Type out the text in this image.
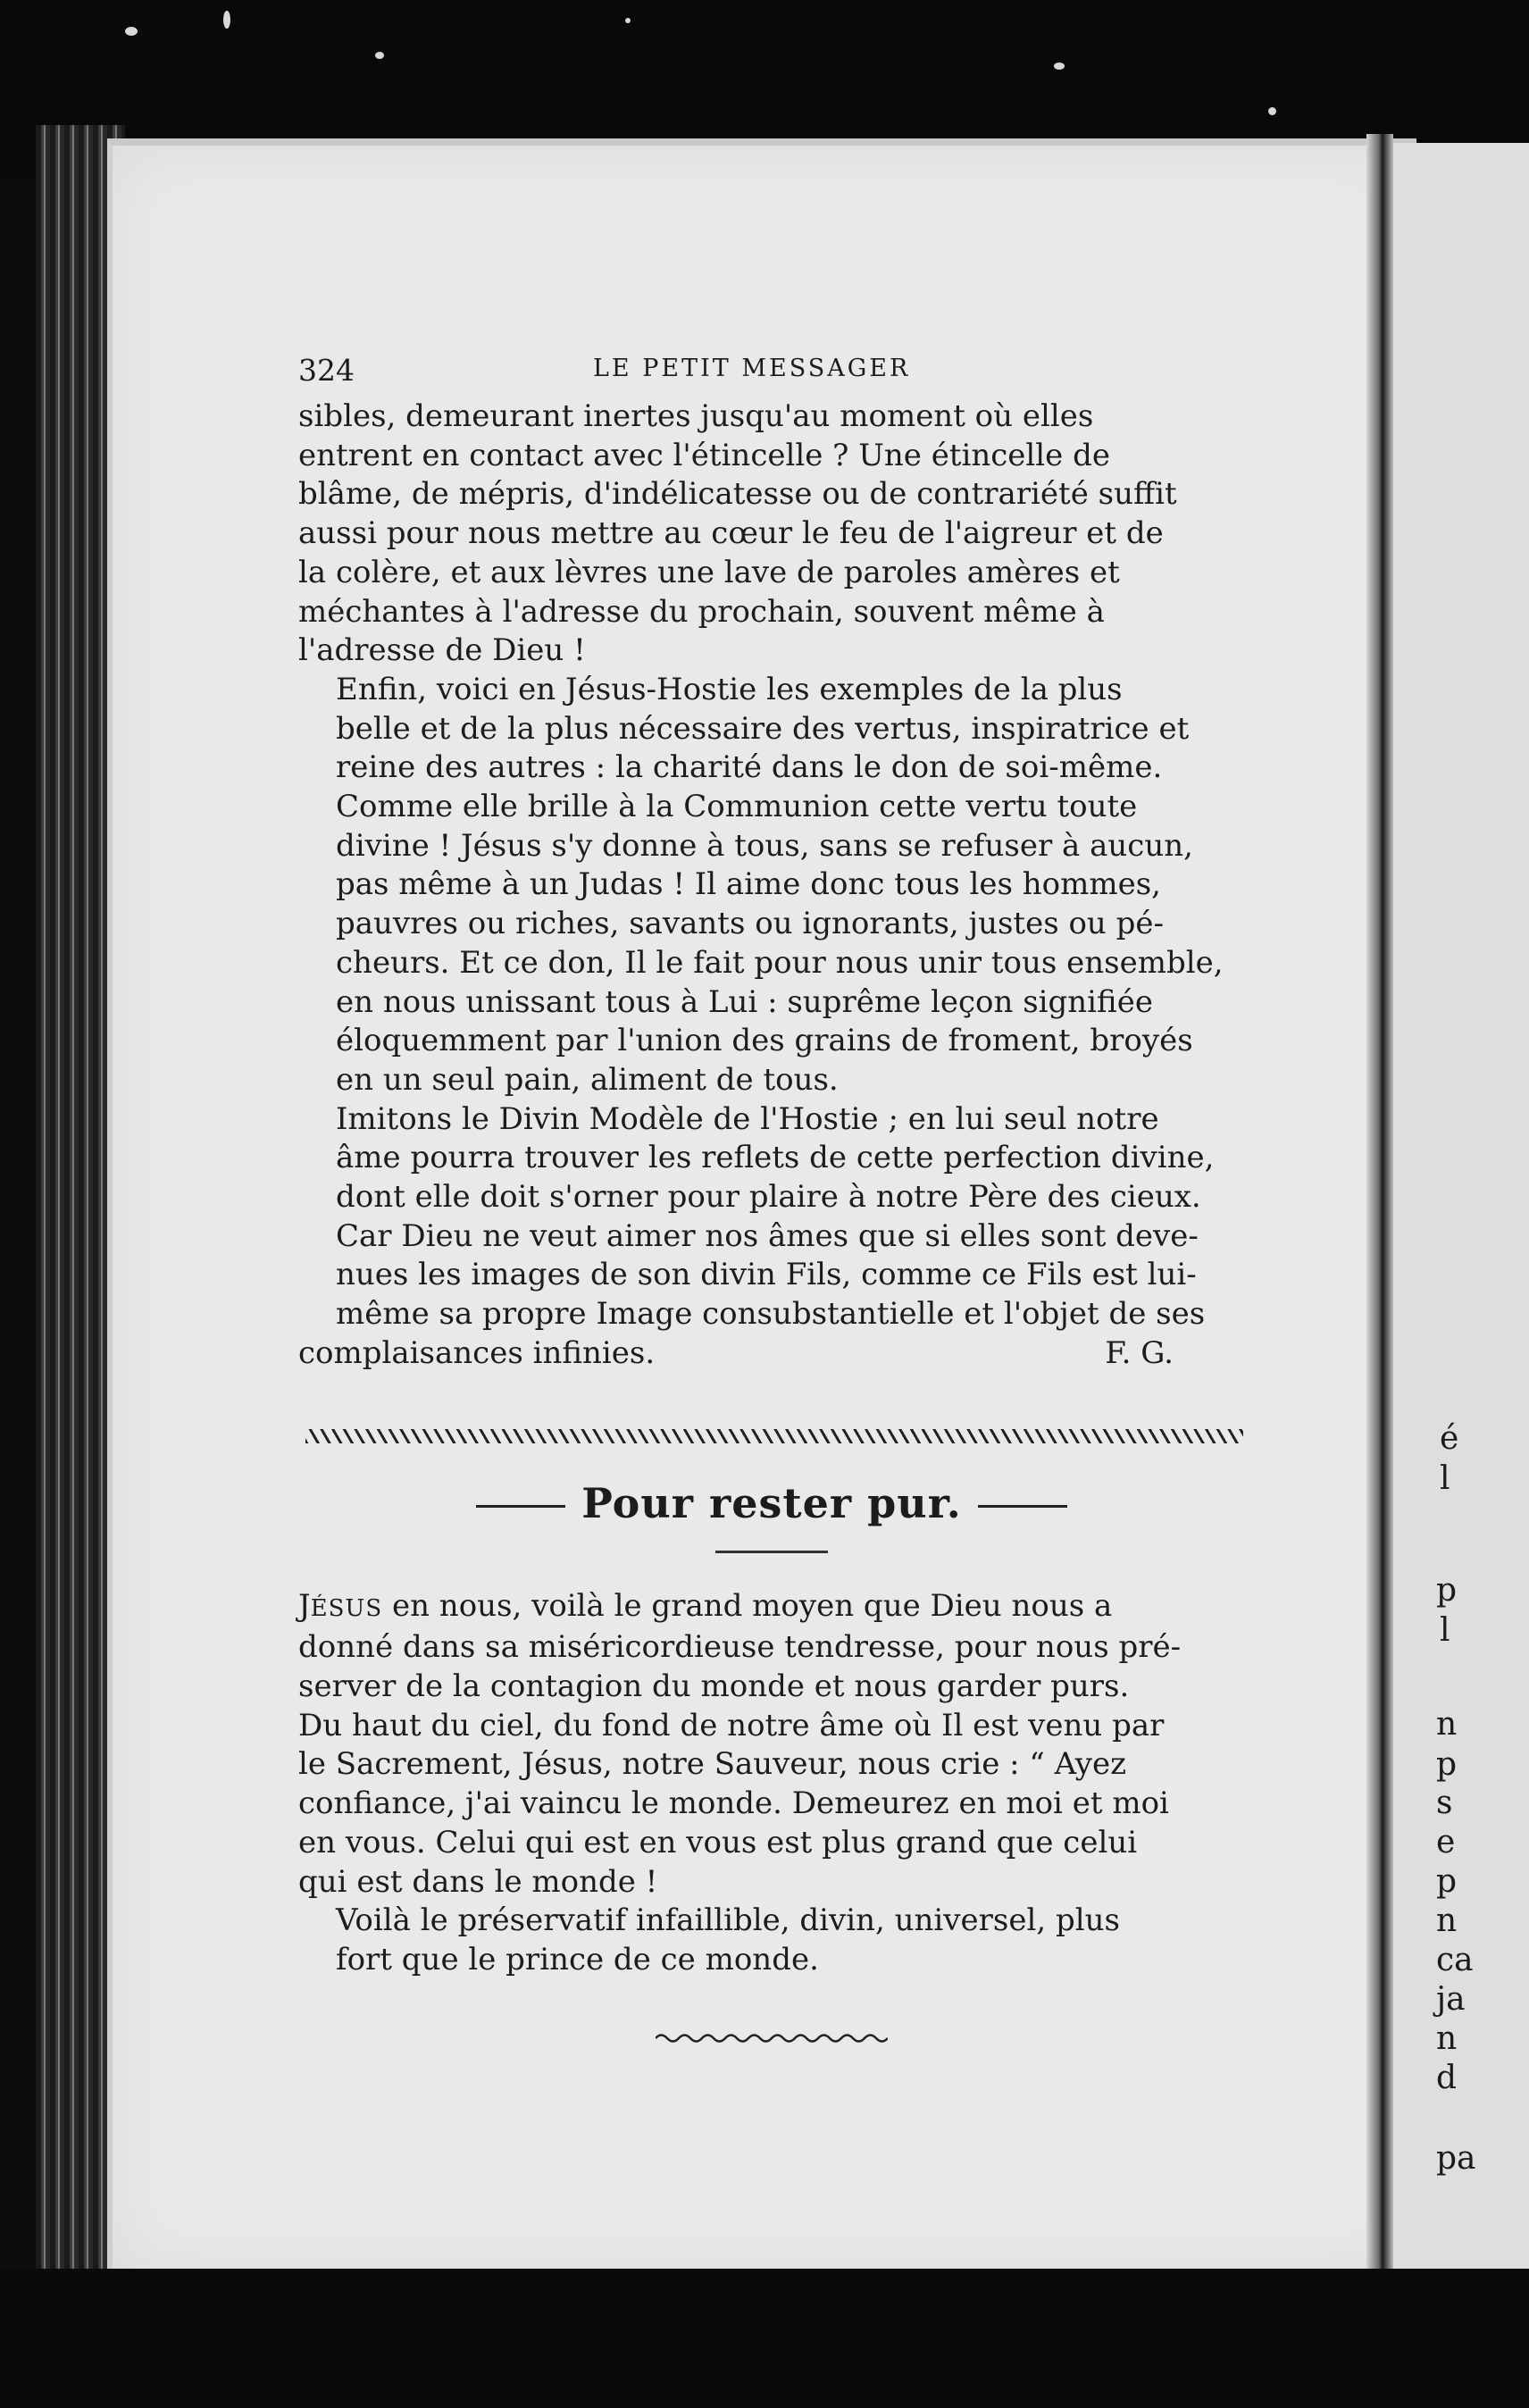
é
l
p
l
n
p
s
e
p
n
ca
ja
n
d
pa
324	LE PETIT MESSAGER
sibles, demeurant inertes jusqu'au moment où elles
entrent en contact avec l'étincelle ? Une étincelle de
blâme, de mépris, d'indélicatesse ou de contrariété suffit
aussi pour nous mettre au cœur le feu de l'aigreur et de
la colère, et aux lèvres une lave de paroles amères et
méchantes à l'adresse du prochain, souvent même à
l'adresse de Dieu !
Enfin, voici en Jésus-Hostie les exemples de la plus
belle et de la plus nécessaire des vertus, inspiratrice et
reine des autres : la charité dans le don de soi-même.
Comme elle brille à la Communion cette vertu toute
divine ! Jésus s'y donne à tous, sans se refuser à aucun,
pas même à un Judas ! Il aime donc tous les hommes,
pauvres ou riches, savants ou ignorants, justes ou pé-
cheurs. Et ce don, Il le fait pour nous unir tous ensemble,
en nous unissant tous à Lui : suprême leçon signifiée
éloquemment par l'union des grains de froment, broyés
en un seul pain, aliment de tous.
Imitons le Divin Modèle de l'Hostie ; en lui seul notre
âme pourra trouver les reflets de cette perfection divine,
dont elle doit s'orner pour plaire à notre Père des cieux.
Car Dieu ne veut aimer nos âmes que si elles sont deve-
nues les images de son divin Fils, comme ce Fils est lui-
même sa propre Image consubstantielle et l'objet de ses
complaisances infinies.	F. G.
Pour rester pur.
JÉSUS en nous, voilà le grand moyen que Dieu nous a
donné dans sa miséricordieuse tendresse, pour nous pré-
server de la contagion du monde et nous garder purs.
Du haut du ciel, du fond de notre âme où Il est venu par
le Sacrement, Jésus, notre Sauveur, nous crie : “ Ayez
confiance, j'ai vaincu le monde. Demeurez en moi et moi
en vous. Celui qui est en vous est plus grand que celui
qui est dans le monde !
Voilà le préservatif infaillible, divin, universel, plus
fort que le prince de ce monde.
